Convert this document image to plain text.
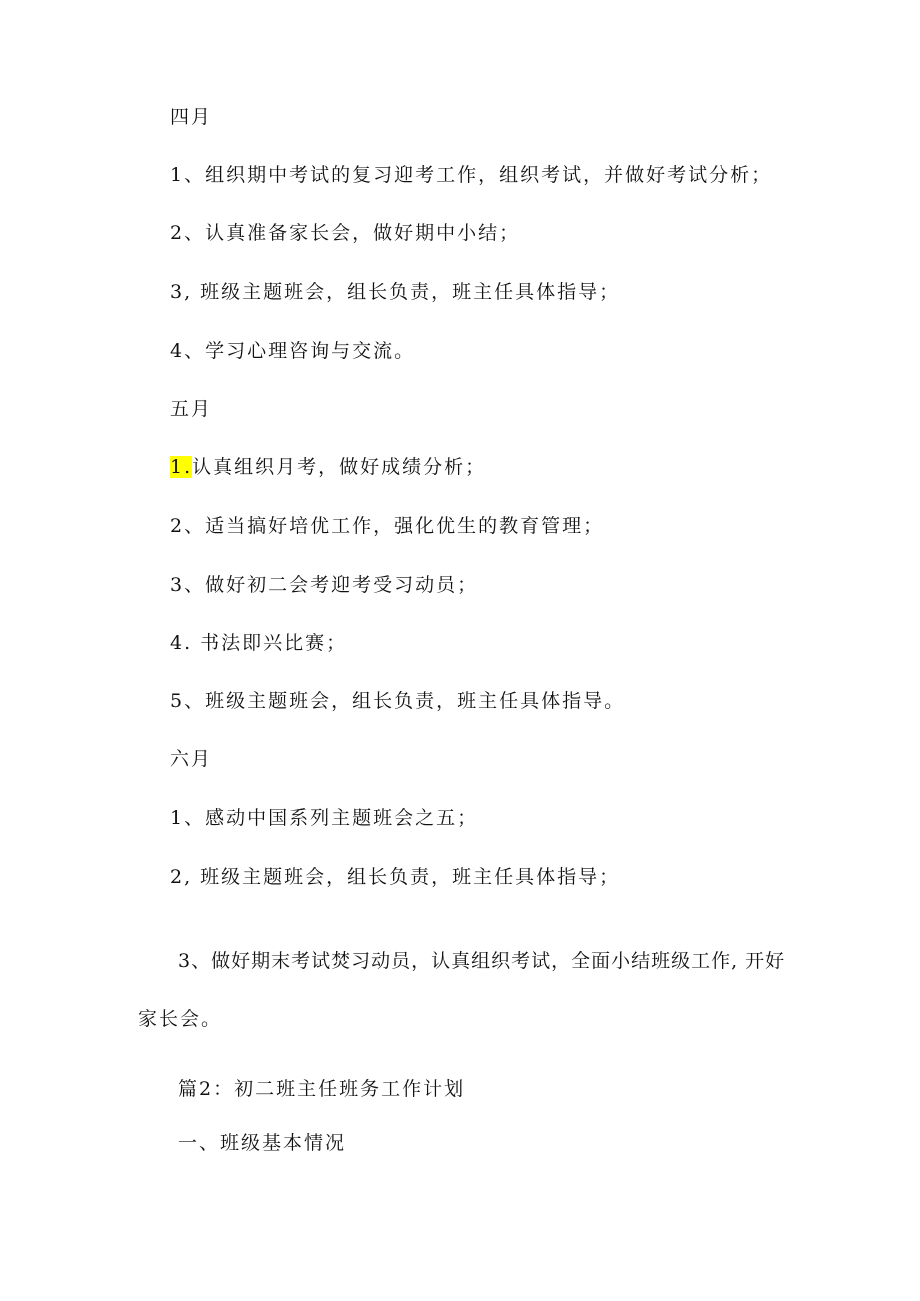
四月
1、组织期中考试的复习迎考工作，组织考试，并做好考试分析；
2、认真准备家长会，做好期中小结；
3, 班级主题班会，组长负责，班主任具体指导；
4、学习心理咨询与交流。
五月
1.认真组织月考，做好成绩分析；
2、适当搞好培优工作，强化优生的教育管理；
3、做好初二会考迎考受习动员；
4. 书法即兴比赛；
5、班级主题班会，组长负责，班主任具体指导。
六月
1、感动中国系列主题班会之五；
2, 班级主题班会，组长负责，班主任具体指导；
3、做好期末考试焚习动员，认真组织考试，全面小结班级工作, 开好
家长会。
篇2：初二班主任班务工作计划
一、班级基本情况
